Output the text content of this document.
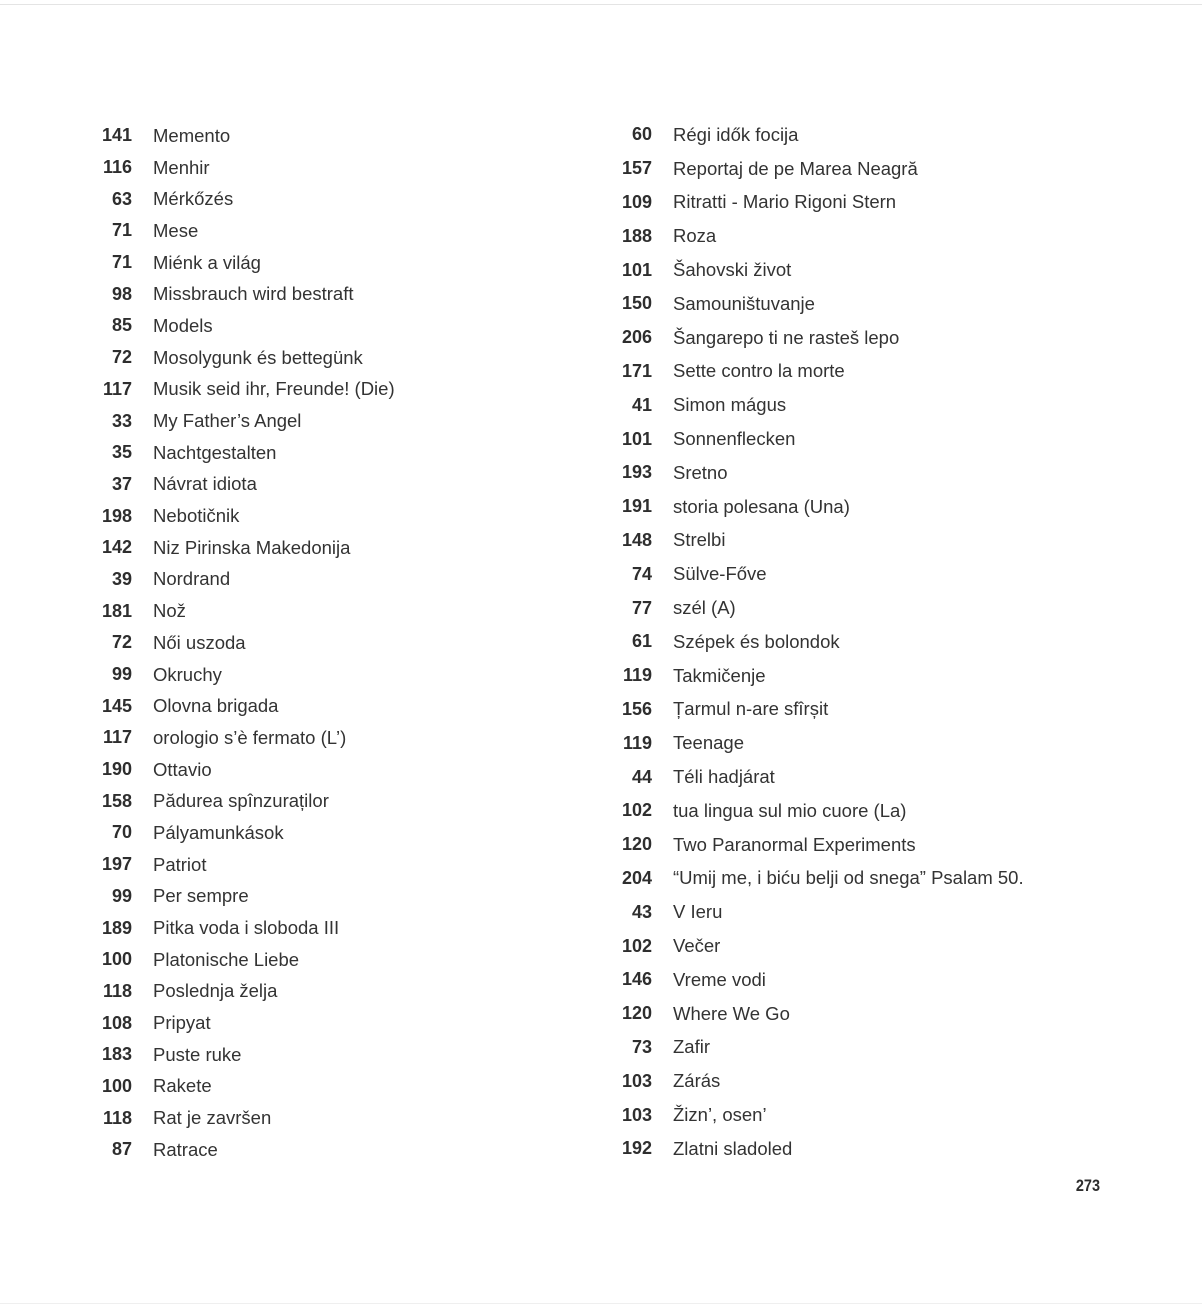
141 Memento
116 Menhir
63 Mérkőzés
71 Mese
71 Miénk a világ
98 Missbrauch wird bestraft
85 Models
72 Mosolygunk és bettegünk
117 Musik seid ihr, Freunde! (Die)
33 My Father’s Angel
35 Nachtgestalten
37 Návrat idiota
198 Nebotičnik
142 Niz Pirinska Makedonija
39 Nordrand
181 Nož
72 Női uszoda
99 Okruchy
145 Olovna brigada
117 orologio s’è fermato (L’)
190 Ottavio
158 Pădurea spînzuraților
70 Pályamunkások
197 Patriot
99 Per sempre
189 Pitka voda i sloboda III
100 Platonische Liebe
118 Poslednja želja
108 Pripyat
183 Puste ruke
100 Rakete
118 Rat je završen
87 Ratrace
60 Régi idők focija
157 Reportaj de pe Marea Neagră
109 Ritratti - Mario Rigoni Stern
188 Roza
101 Šahovski život
150 Samouništuvanje
206 Šangarepo ti ne rasteš lepo
171 Sette contro la morte
41 Simon mágus
101 Sonnenflecken
193 Sretno
191 storia polesana (Una)
148 Strelbi
74 Sülve-Főve
77 szél (A)
61 Szépek és bolondok
119 Takmičenje
156 Țarmul n-are sfîrșit
119 Teenage
44 Téli hadjárat
102 tua lingua sul mio cuore (La)
120 Two Paranormal Experiments
204 “Umij me, i biću belji od snega” Psalam 50.
43 V Ieru
102 Večer
146 Vreme vodi
120 Where We Go
73 Zafir
103 Zárás
103 Žizn’, osen’
192 Zlatni sladoled
273
